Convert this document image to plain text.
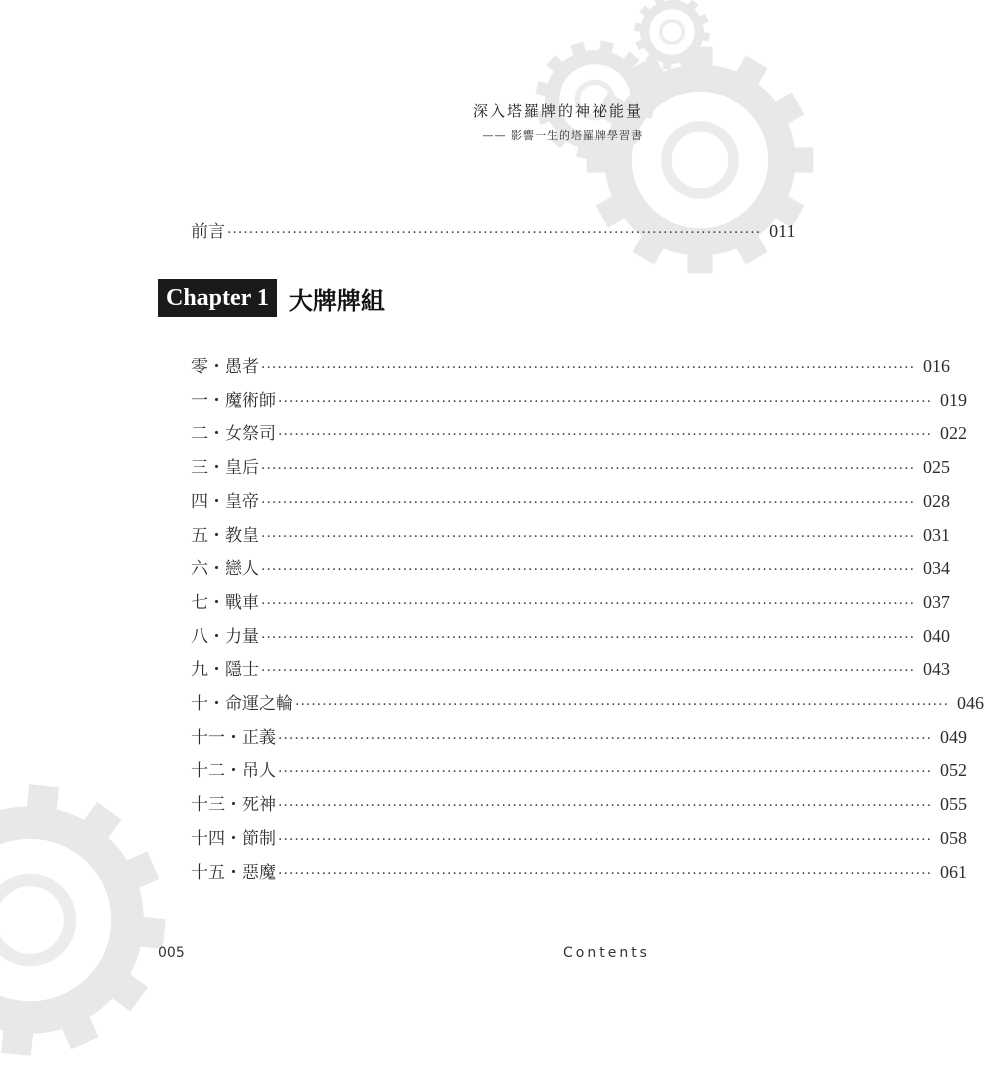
深入塔羅牌的神祕能量
—— 影響一生的塔羅牌學習書
前言 ·································································································· 011
Chapter 1 大牌牌組
零・愚者 ························································································································ 016
一・魔術師 ························································································································ 019
二・女祭司 ························································································································ 022
三・皇后 ························································································································ 025
四・皇帝 ························································································································ 028
五・教皇 ························································································································ 031
六・戀人 ························································································································ 034
七・戰車 ························································································································ 037
八・力量 ························································································································ 040
九・隱士 ························································································································ 043
十・命運之輪 ························································································································ 046
十一・正義 ························································································································ 049
十二・吊人 ························································································································ 052
十三・死神 ························································································································ 055
十四・節制 ························································································································ 058
十五・惡魔 ························································································································ 061
005	Contents
